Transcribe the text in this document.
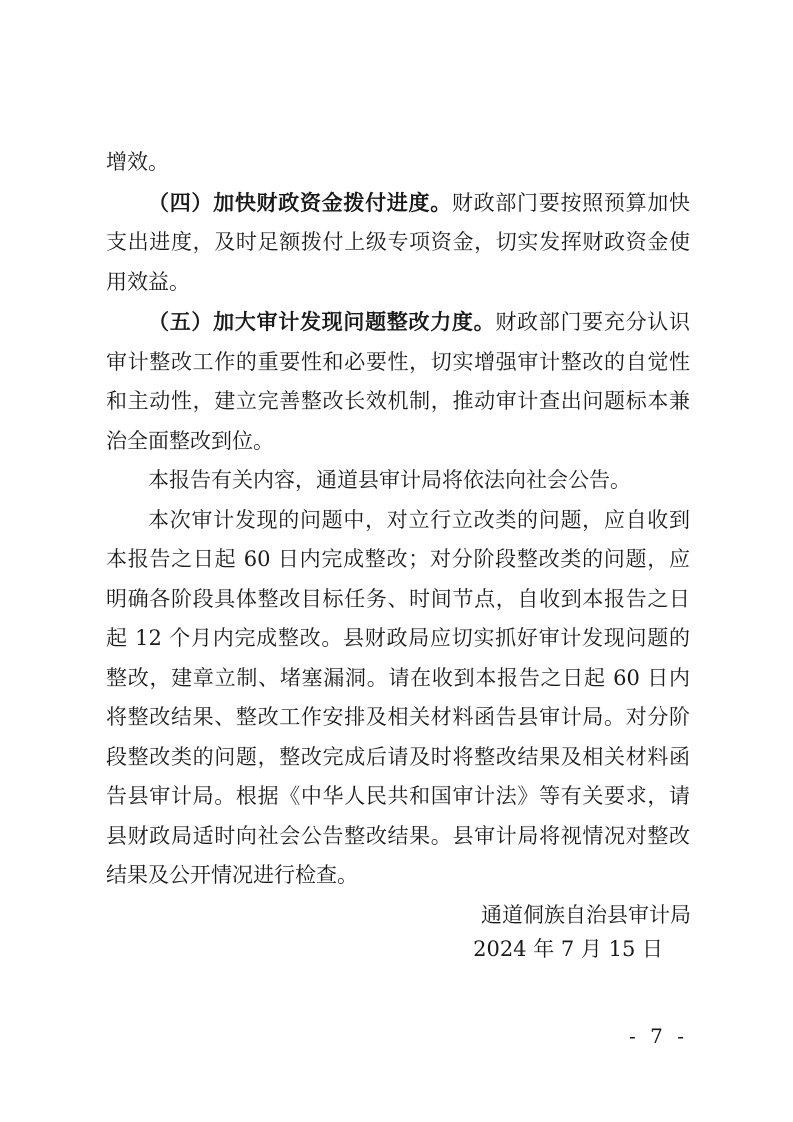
增效。

（四）加快财政资金拨付进度。财政部门要按照预算加快支出进度，及时足额拨付上级专项资金，切实发挥财政资金使用效益。

（五）加大审计发现问题整改力度。财政部门要充分认识审计整改工作的重要性和必要性，切实增强审计整改的自觉性和主动性，建立完善整改长效机制，推动审计查出问题标本兼治全面整改到位。

本报告有关内容，通道县审计局将依法向社会公告。

本次审计发现的问题中，对立行立改类的问题，应自收到本报告之日起 60 日内完成整改；对分阶段整改类的问题，应明确各阶段具体整改目标任务、时间节点，自收到本报告之日起 12 个月内完成整改。县财政局应切实抓好审计发现问题的整改，建章立制、堵塞漏洞。请在收到本报告之日起 60 日内将整改结果、整改工作安排及相关材料函告县审计局。对分阶段整改类的问题，整改完成后请及时将整改结果及相关材料函告县审计局。根据《中华人民共和国审计法》等有关要求，请县财政局适时向社会公告整改结果。县审计局将视情况对整改结果及公开情况进行检查。

通道侗族自治县审计局
2024 年 7 月 15 日
- 7 -
